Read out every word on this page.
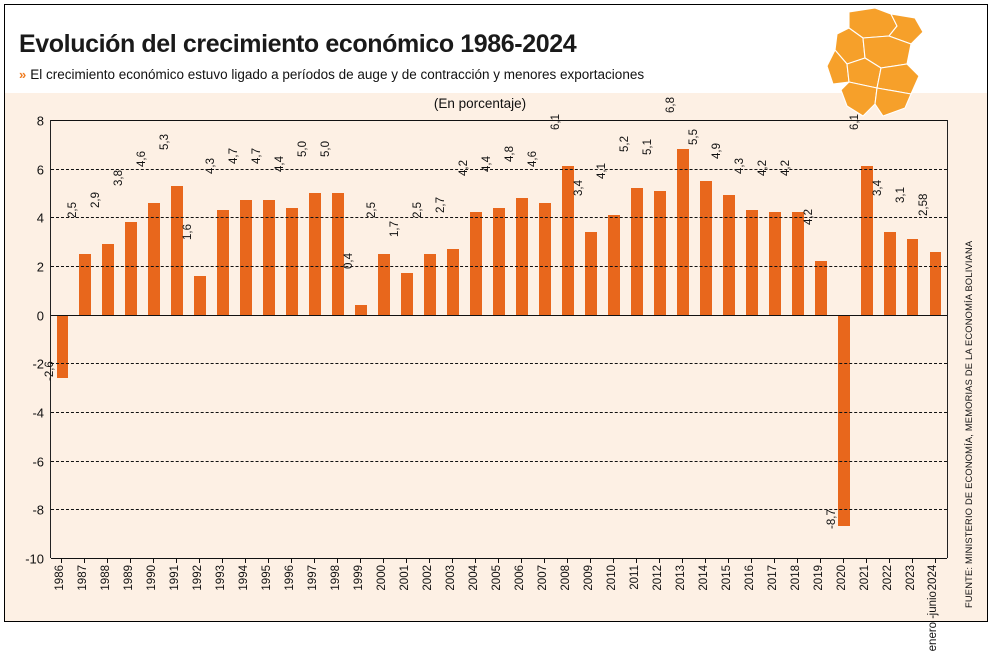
Evolución del crecimiento económico 1986-2024
» El crecimiento económico estuvo ligado a períodos de auge y de contracción y menores exportaciones
(En porcentaje)
FUENTE: MINISTERIO DE ECONOMÍA, MEMORIAS DE LA ECONOMÍA BOLIVIANA
-2,6
2,5
2,9
3,8
4,6
5,3
1,6
4,3
4,7 4,7 4,4
5,0 5,0
0,4
2,5
1,7
2,5 2,7
4,2 4,4
4,8 4,6
6,1
3,4
4,1
5,2 5,1
6,8
5,5
4,9
4,3 4,2 4,2
4,2
-8,7
6,1
3,4 3,1 2,58
8
6
4
2
0
-2
-4
-6
-8
-10
1986 1987 1988 1989 1990 1991 1992 1993 1994 1995 1996 1997 1998 1999 2000 2001 2002 2003 2004 2005 2006 2007 2008 2009 2010 2011 2012 2013 2014 2015 2016 2017 2018 2019 2020 2021 2022 2023
enero -
junio
2024
